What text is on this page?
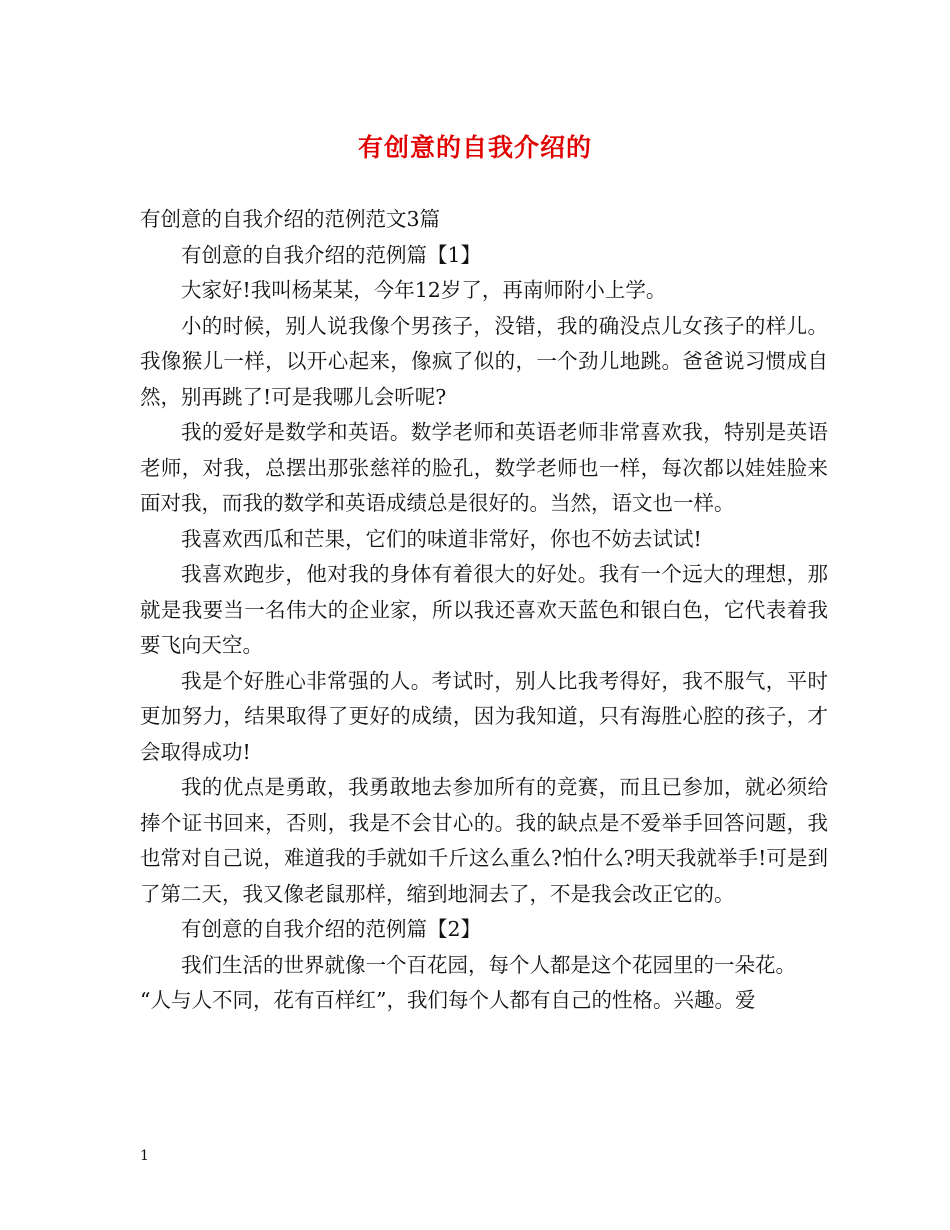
有创意的自我介绍的

有创意的自我介绍的范例范文3篇

有创意的自我介绍的范例篇【1】

大家好!我叫杨某某，今年12岁了，再南师附小上学。

小的时候，别人说我像个男孩子，没错，我的确没点儿女孩子的样儿。我像猴儿一样，以开心起来，像疯了似的，一个劲儿地跳。爸爸说习惯成自然，别再跳了!可是我哪儿会听呢?

我的爱好是数学和英语。数学老师和英语老师非常喜欢我，特别是英语老师，对我，总摆出那张慈祥的脸孔，数学老师也一样，每次都以娃娃脸来面对我，而我的数学和英语成绩总是很好的。当然，语文也一样。

我喜欢西瓜和芒果，它们的味道非常好，你也不妨去试试!

我喜欢跑步，他对我的身体有着很大的好处。我有一个远大的理想，那就是我要当一名伟大的企业家，所以我还喜欢天蓝色和银白色，它代表着我要飞向天空。

我是个好胜心非常强的人。考试时，别人比我考得好，我不服气，平时更加努力，结果取得了更好的成绩，因为我知道，只有海胜心腔的孩子，才会取得成功!

我的优点是勇敢，我勇敢地去参加所有的竞赛，而且已参加，就必须给捧个证书回来，否则，我是不会甘心的。我的缺点是不爱举手回答问题，我也常对自己说，难道我的手就如千斤这么重么?怕什么?明天我就举手!可是到了第二天，我又像老鼠那样，缩到地洞去了，不是我会改正它的。

有创意的自我介绍的范例篇【2】

我们生活的世界就像一个百花园，每个人都是这个花园里的一朵花。

“人与人不同，花有百样红”，我们每个人都有自己的性格。兴趣。爱

1
